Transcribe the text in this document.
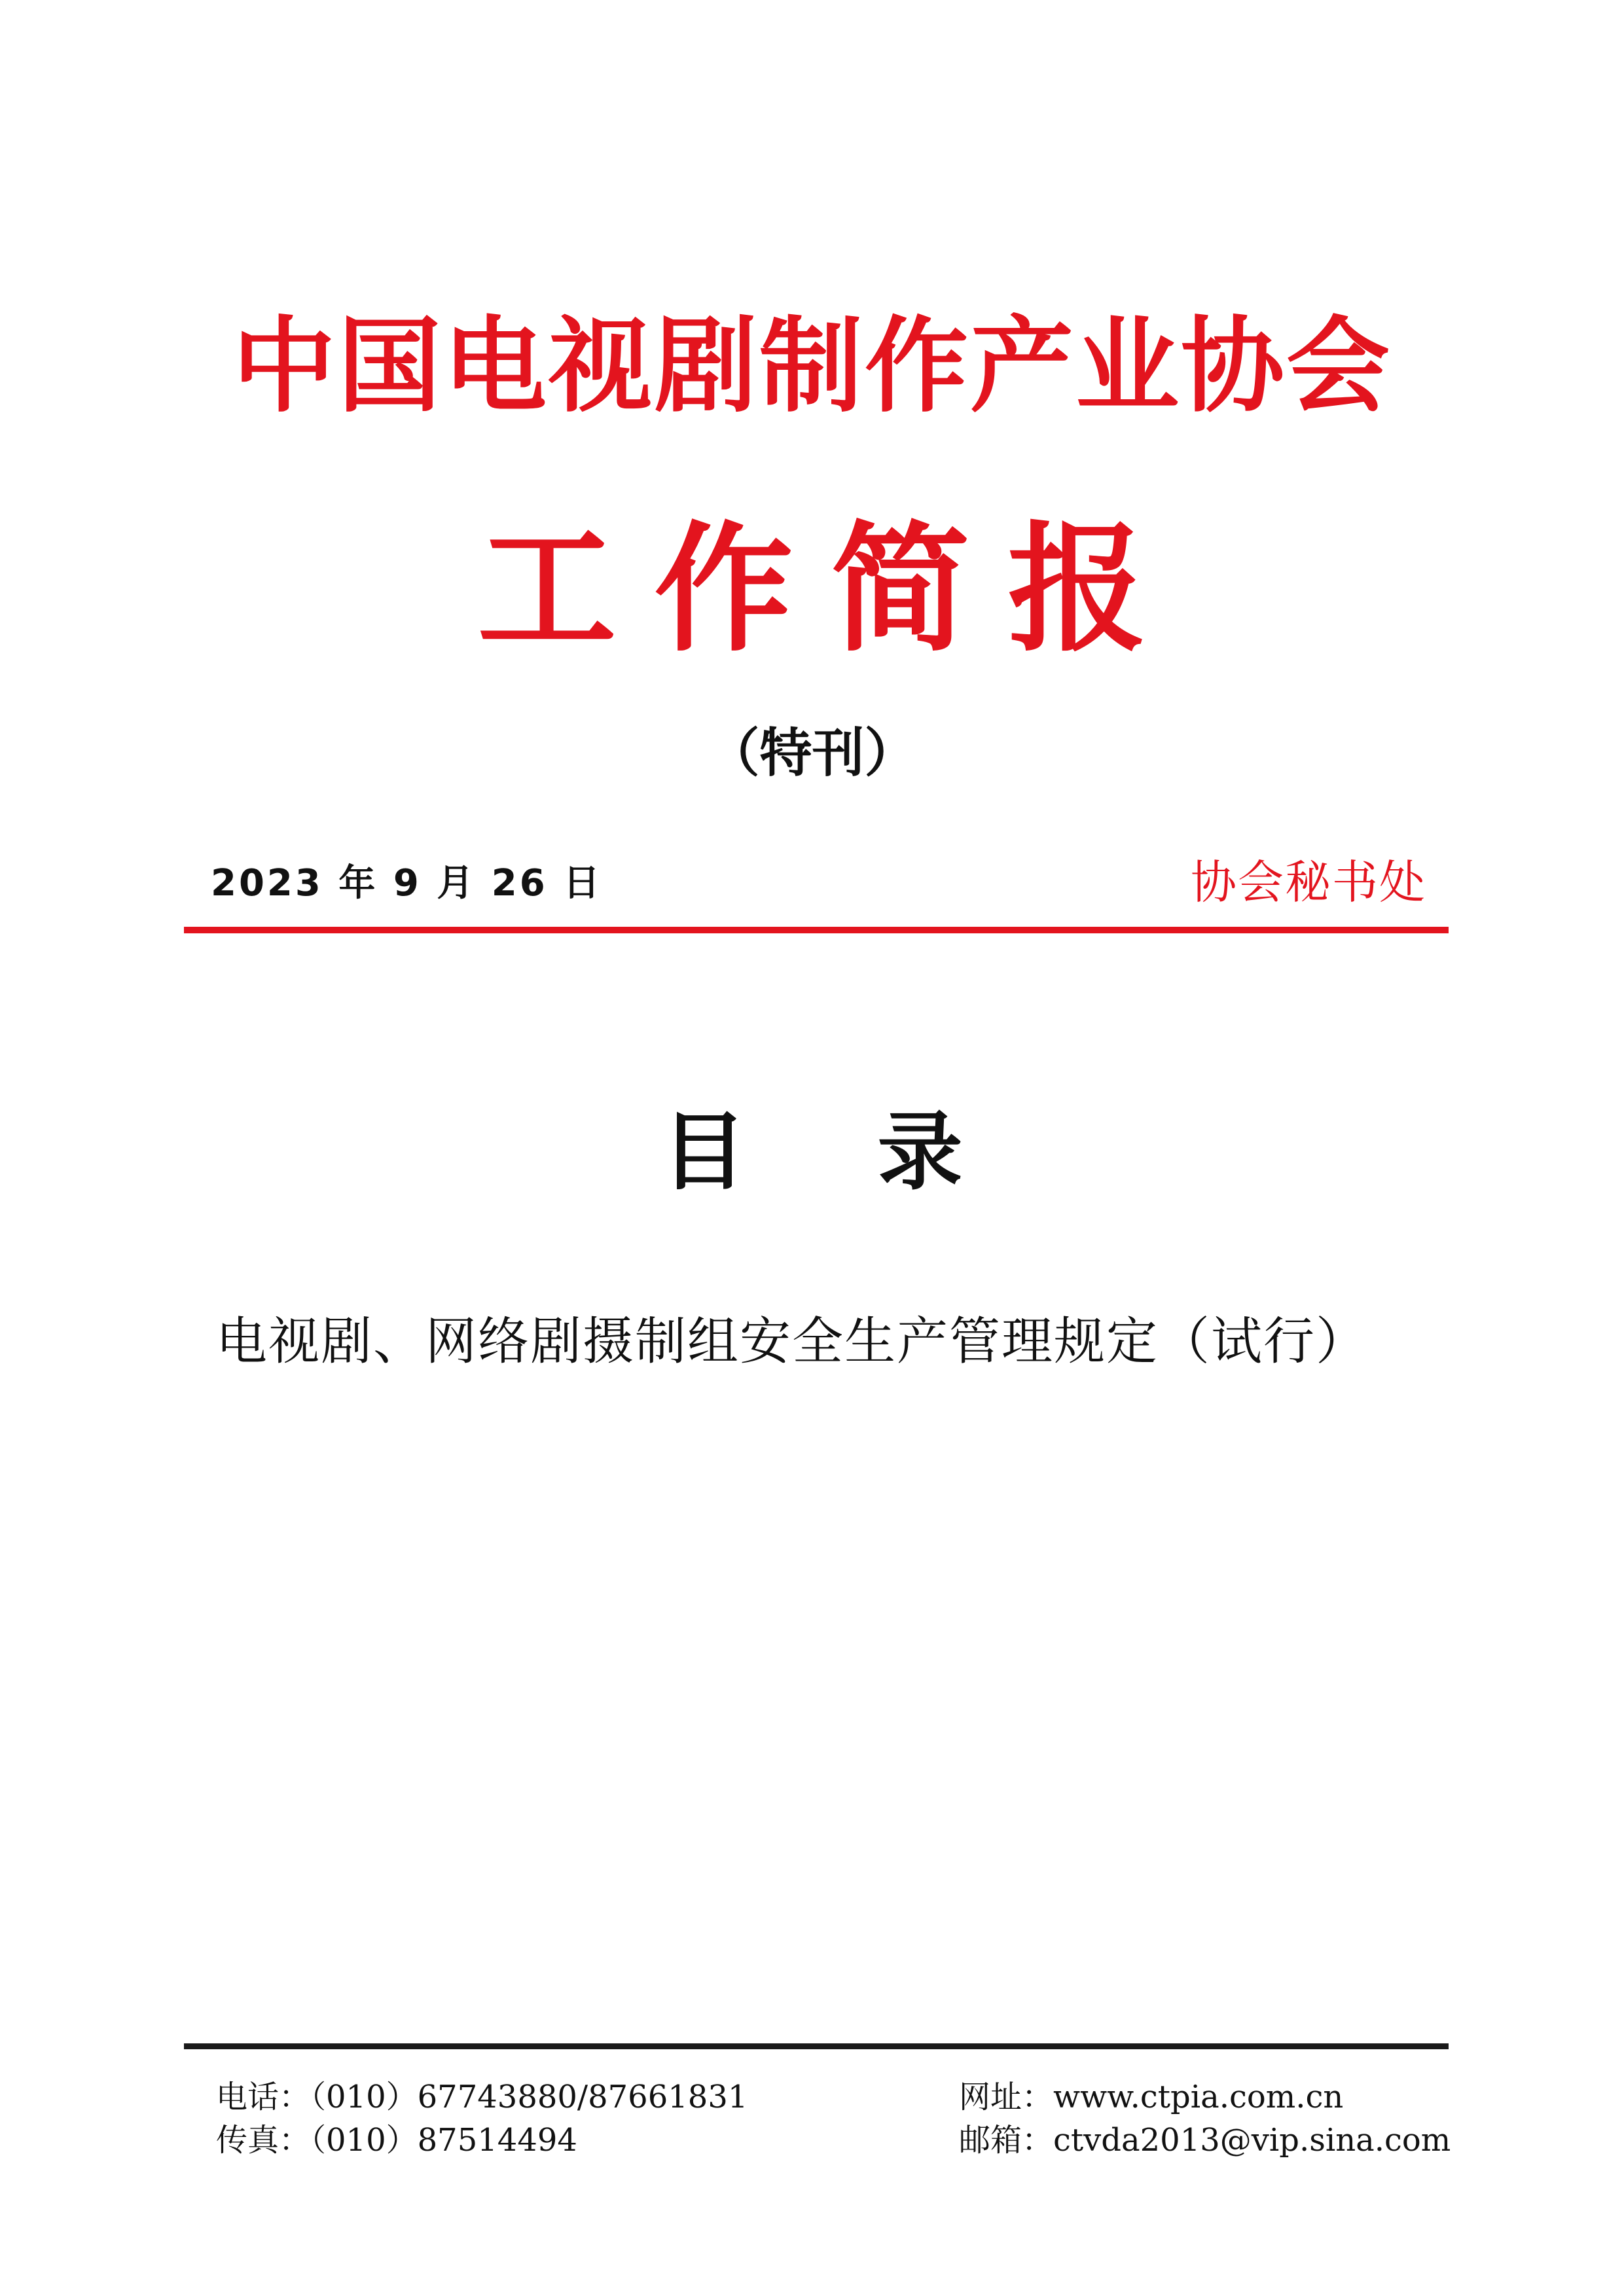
中国电视剧制作产业协会
工作简报
（特刊）
2023 年 9 月 26 日	协会秘书处
目 录
电视剧、网络剧摄制组安全生产管理规定（试行）
电话：（010）67743880/87661831
传真：（010）87514494
网址：www.ctpia.com.cn
邮箱：ctvda2013@vip.sina.com
